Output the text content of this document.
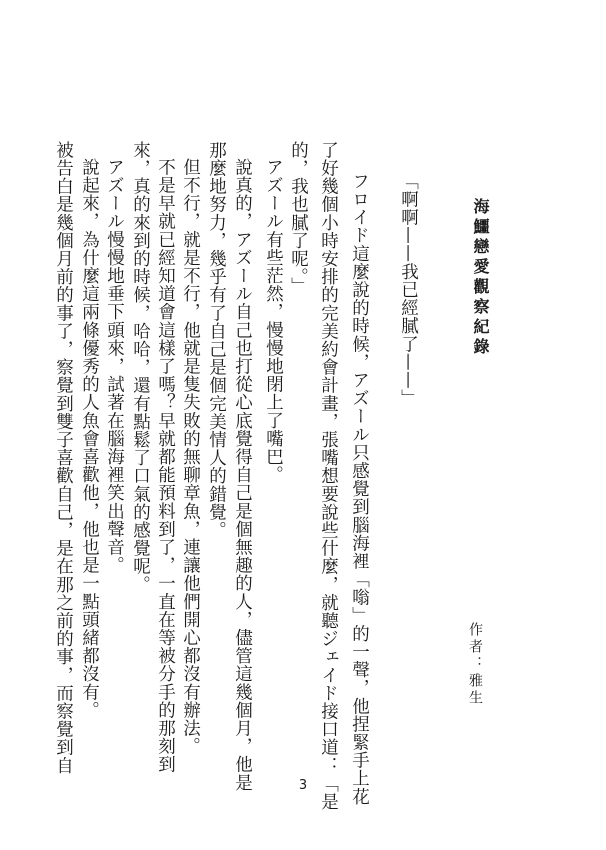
海鱷戀愛觀察紀錄
作者：雅生
「啊啊——我已經膩了——」
フロイド這麼說的時候，アズール只感覺到腦海裡「嗡」的一聲，他捏緊手上花
了好幾個小時安排的完美約會計畫，張嘴想要說些什麼，就聽ジェイド接口道：「是
的，我也膩了呢。」
アズール有些茫然，慢慢地閉上了嘴巴。
說真的，アズール自己也打從心底覺得自己是個無趣的人，儘管這幾個月，他是
那麼地努力，幾乎有了自己是個完美情人的錯覺。
但不行，就是不行，他就是隻失敗的無聊章魚，連讓他們開心都沒有辦法。
不是早就已經知道會這樣了嗎？早就都能預料到了，一直在等被分手的那刻到
來，真的來到的時候，哈哈，還有點鬆了口氣的感覺呢。
アズール慢慢地垂下頭來，試著在腦海裡笑出聲音。
說起來，為什麼這兩條優秀的人魚會喜歡他，他也是一點頭緒都沒有。
被告白是幾個月前的事了，察覺到雙子喜歡自己，是在那之前的事，而察覺到自
3
